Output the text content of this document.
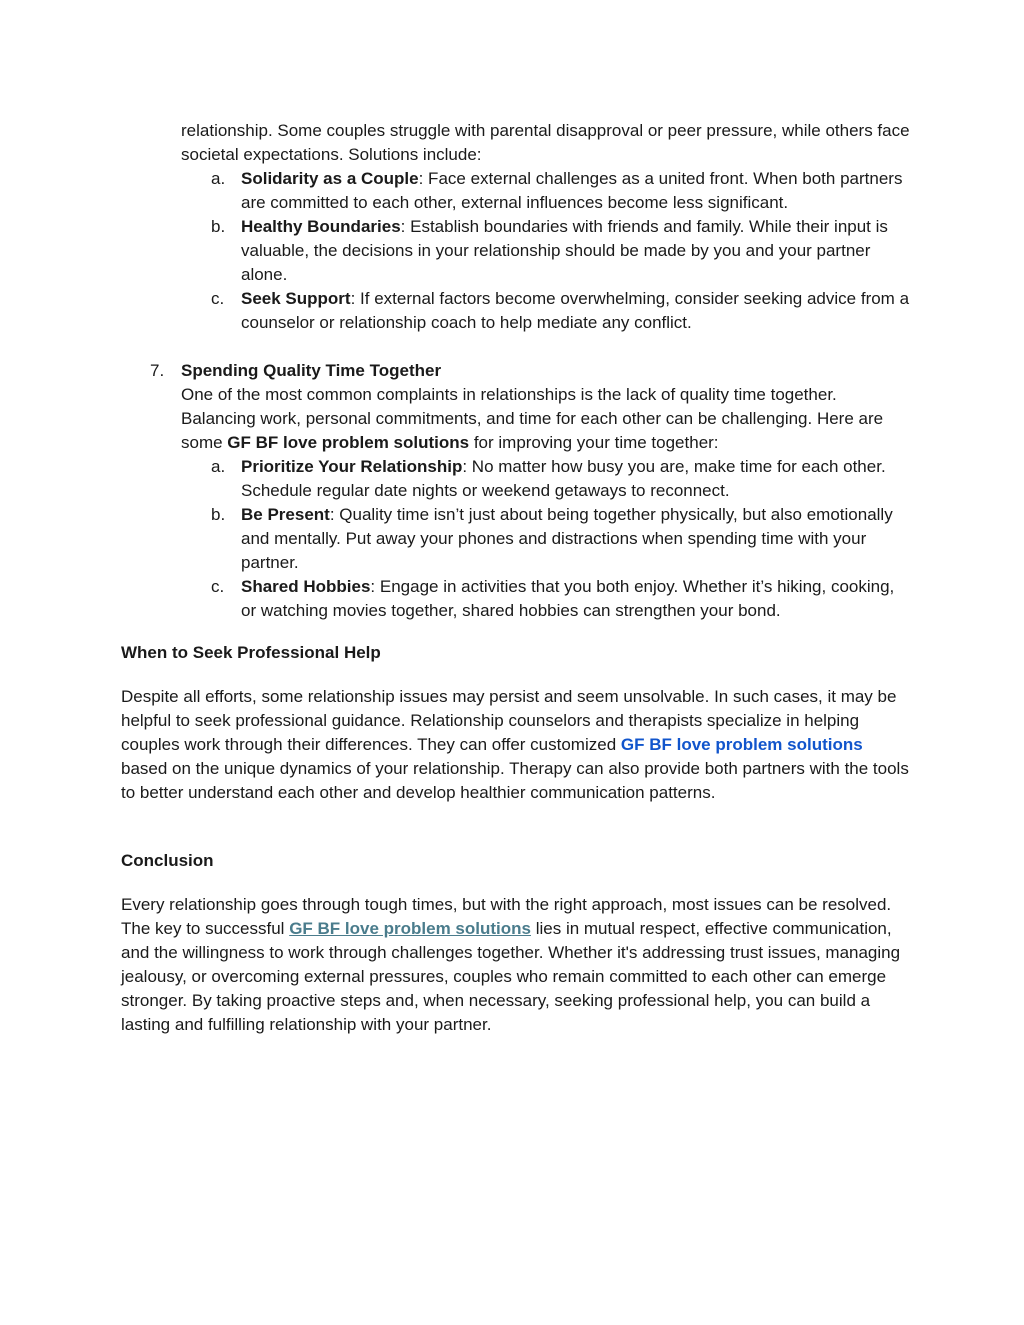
relationship. Some couples struggle with parental disapproval or peer pressure, while others face societal expectations. Solutions include:
a. Solidarity as a Couple: Face external challenges as a united front. When both partners are committed to each other, external influences become less significant.
b. Healthy Boundaries: Establish boundaries with friends and family. While their input is valuable, the decisions in your relationship should be made by you and your partner alone.
c. Seek Support: If external factors become overwhelming, consider seeking advice from a counselor or relationship coach to help mediate any conflict.
7. Spending Quality Time Together
One of the most common complaints in relationships is the lack of quality time together. Balancing work, personal commitments, and time for each other can be challenging. Here are some GF BF love problem solutions for improving your time together:
a. Prioritize Your Relationship: No matter how busy you are, make time for each other. Schedule regular date nights or weekend getaways to reconnect.
b. Be Present: Quality time isn’t just about being together physically, but also emotionally and mentally. Put away your phones and distractions when spending time with your partner.
c. Shared Hobbies: Engage in activities that you both enjoy. Whether it’s hiking, cooking, or watching movies together, shared hobbies can strengthen your bond.
When to Seek Professional Help
Despite all efforts, some relationship issues may persist and seem unsolvable. In such cases, it may be helpful to seek professional guidance. Relationship counselors and therapists specialize in helping couples work through their differences. They can offer customized GF BF love problem solutions based on the unique dynamics of your relationship. Therapy can also provide both partners with the tools to better understand each other and develop healthier communication patterns.
Conclusion
Every relationship goes through tough times, but with the right approach, most issues can be resolved. The key to successful GF BF love problem solutions lies in mutual respect, effective communication, and the willingness to work through challenges together. Whether it's addressing trust issues, managing jealousy, or overcoming external pressures, couples who remain committed to each other can emerge stronger. By taking proactive steps and, when necessary, seeking professional help, you can build a lasting and fulfilling relationship with your partner.
